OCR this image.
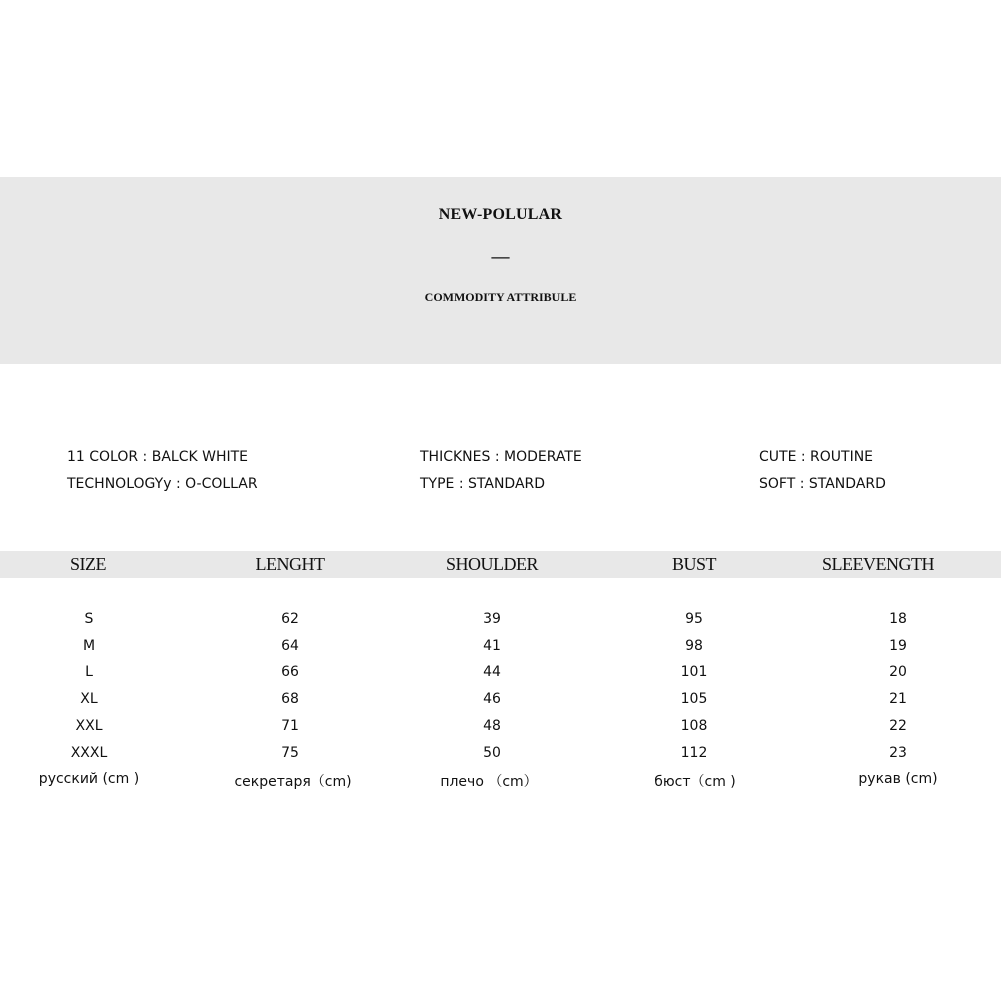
NEW-POLULAR
—
COMMODITY ATTRIBULE
11 COLOR : BALCK WHITE
TECHNOLOGYy : O-COLLAR
THICKNES : MODERATE
TYPE : STANDARD
CUTE : ROUTINE
SOFT : STANDARD
SIZE	LENGHT	SHOULDER	BUST	SLEEVENGTH
S	62	39	95	18
M	64	41	98	19
L	66	44	101	20
XL	68	46	105	21
XXL	71	48	108	22
XXXL	75	50	112	23
русский (cm )	секретаря（cm)	плечо （cm）	бюст（cm )	рукав (cm)
